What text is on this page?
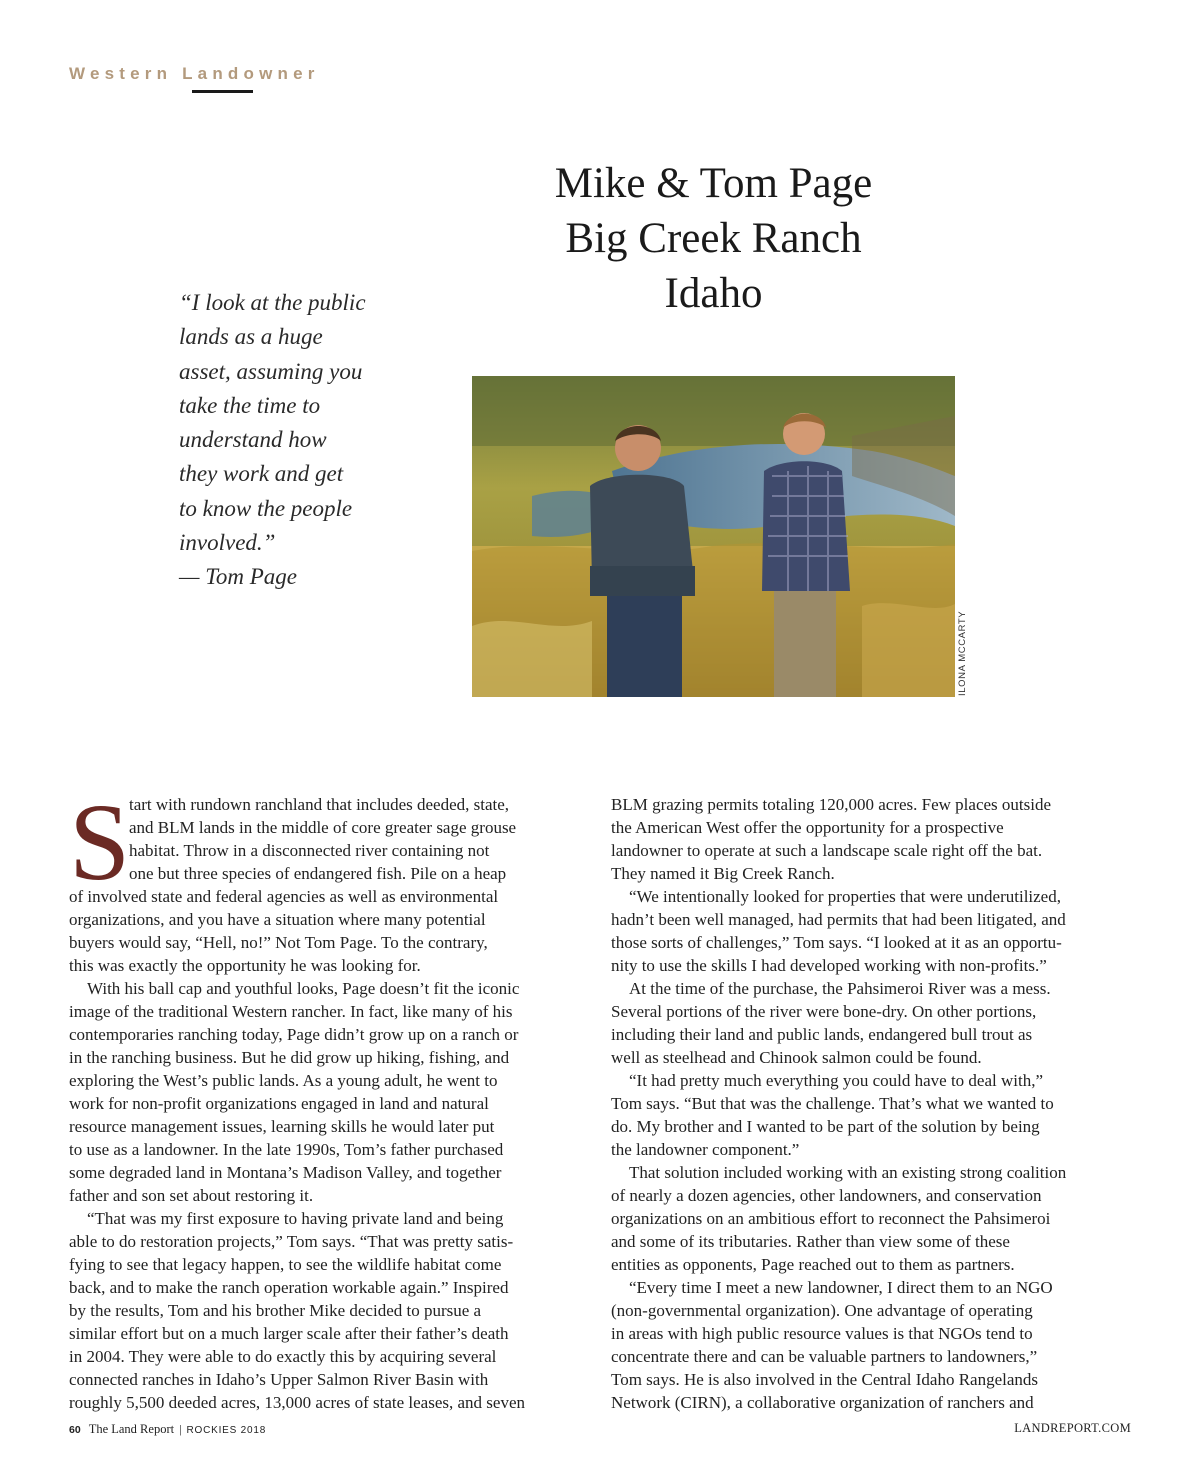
Western Landowner
Mike & Tom Page
Big Creek Ranch
Idaho
“I look at the public
lands as a huge
asset, assuming you
take the time to
understand how
they work and get
to know the people
involved.”
— Tom Page
ILONA MCCARTY
S
tart with rundown ranchland that includes deeded, state,
and BLM lands in the middle of core greater sage grouse
habitat. Throw in a disconnected river containing not
one but three species of endangered fish. Pile on a heap
of involved state and federal agencies as well as environmental
organizations, and you have a situation where many potential
buyers would say, “Hell, no!” Not Tom Page. To the contrary,
this was exactly the opportunity he was looking for.
With his ball cap and youthful looks, Page doesn’t fit the iconic
image of the traditional Western rancher. In fact, like many of his
contemporaries ranching today, Page didn’t grow up on a ranch or
in the ranching business. But he did grow up hiking, fishing, and
exploring the West’s public lands. As a young adult, he went to
work for non-profit organizations engaged in land and natural
resource management issues, learning skills he would later put
to use as a landowner. In the late 1990s, Tom’s father purchased
some degraded land in Montana’s Madison Valley, and together
father and son set about restoring it.
“That was my first exposure to having private land and being
able to do restoration projects,” Tom says. “That was pretty satis-
fying to see that legacy happen, to see the wildlife habitat come
back, and to make the ranch operation workable again.” Inspired
by the results, Tom and his brother Mike decided to pursue a
similar effort but on a much larger scale after their father’s death
in 2004. They were able to do exactly this by acquiring several
connected ranches in Idaho’s Upper Salmon River Basin with
roughly 5,500 deeded acres, 13,000 acres of state leases, and seven
BLM grazing permits totaling 120,000 acres. Few places outside
the American West offer the opportunity for a prospective
landowner to operate at such a landscape scale right off the bat.
They named it Big Creek Ranch.
“We intentionally looked for properties that were underutilized,
hadn’t been well managed, had permits that had been litigated, and
those sorts of challenges,” Tom says. “I looked at it as an opportu-
nity to use the skills I had developed working with non-profits.”
At the time of the purchase, the Pahsimeroi River was a mess.
Several portions of the river were bone-dry. On other portions,
including their land and public lands, endangered bull trout as
well as steelhead and Chinook salmon could be found.
“It had pretty much everything you could have to deal with,”
Tom says. “But that was the challenge. That’s what we wanted to
do. My brother and I wanted to be part of the solution by being
the landowner component.”
That solution included working with an existing strong coalition
of nearly a dozen agencies, other landowners, and conservation
organizations on an ambitious effort to reconnect the Pahsimeroi
and some of its tributaries. Rather than view some of these
entities as opponents, Page reached out to them as partners.
“Every time I meet a new landowner, I direct them to an NGO
(non-governmental organization). One advantage of operating
in areas with high public resource values is that NGOs tend to
concentrate there and can be valuable partners to landowners,”
Tom says. He is also involved in the Central Idaho Rangelands
Network (CIRN), a collaborative organization of ranchers and
60 The Land Report | ROCKIES 2018	LANDREPORT.COM
